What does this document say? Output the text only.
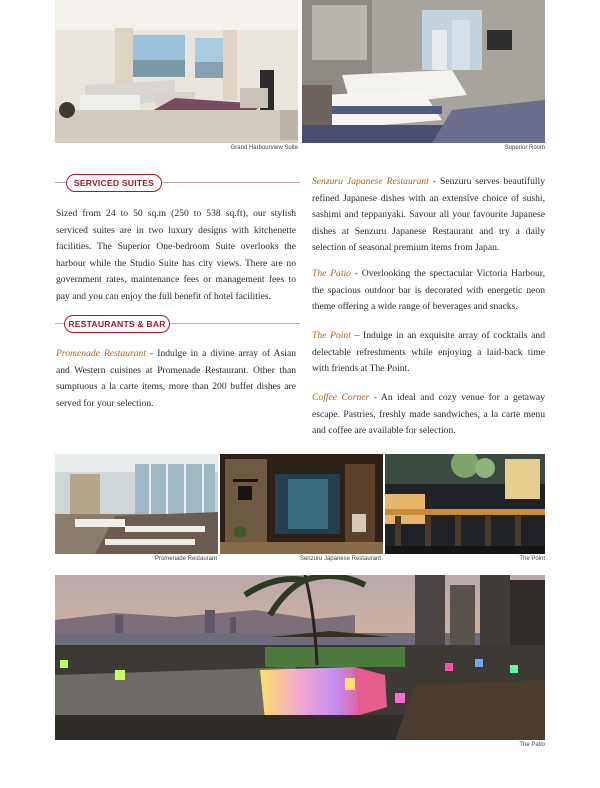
Grand Harbourview Suite	Superior Room
SERVICED SUITES

Sized from 24 to 50 sq.m (250 to 538 sq.ft), our stylish serviced suites are in two luxury designs with kitchenette facilities. The Superior One-bedroom Suite overlooks the harbour while the Studio Suite has city views. There are no government rates, maintenance fees or management fees to pay and you can enjoy the full benefit of hotel facilities.

RESTAURANTS & BAR

Promenade Restaurant - Indulge in a divine array of Asian and Western cuisines at Promenade Restaurant. Other than sumptuous a la carte items, more than 200 buffet dishes are served for your selection.

Senzuru Japanese Restaurant - Senzuru serves beautifully refined Japanese dishes with an extensive choice of sushi, sashimi and teppanyaki. Savour all your favourite Japanese dishes at Senzuru Japanese Restaurant and try a daily selection of seasonal premium items from Japan.

The Patio - Overlooking the spectacular Victoria Harbour, the spacious outdoor bar is decorated with energetic neon theme offering a wide range of beverages and snacks.

The Point – Indulge in an exquisite array of cocktails and delectable refreshments while enjoying a laid-back time with friends at The Point.

Coffee Corner - An ideal and cozy venue for a getaway escape. Pastries, freshly made sandwiches, a la carte menu and coffee are available for selection.

Promenade Restaurant	Senzuru Japanese Restaurant	The Point
The Patio
